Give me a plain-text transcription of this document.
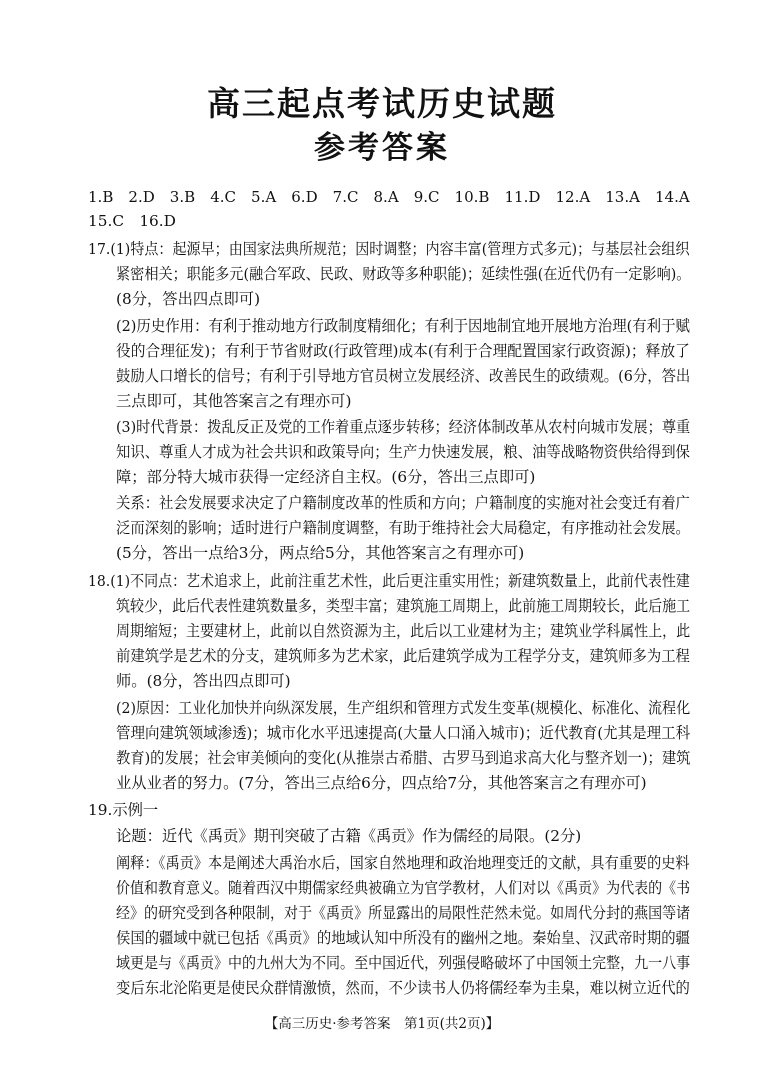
高三起点考试历史试题
参考答案
1.B　2.D　3.B　4.C　5.A　6.D　7.C　8.A　9.C　10.B　11.D　12.A　13.A　14.A
15.C　16.D
17.(1)特点：起源早；由国家法典所规范；因时调整；内容丰富(管理方式多元)；与基层社会组织
紧密相关；职能多元(融合军政、民政、财政等多种职能)；延续性强(在近代仍有一定影响)。
(8分，答出四点即可)
(2)历史作用：有利于推动地方行政制度精细化；有利于因地制宜地开展地方治理(有利于赋
役的合理征发)；有利于节省财政(行政管理)成本(有利于合理配置国家行政资源)；释放了
鼓励人口增长的信号；有利于引导地方官员树立发展经济、改善民生的政绩观。(6分，答出
三点即可，其他答案言之有理亦可)
(3)时代背景：拨乱反正及党的工作着重点逐步转移；经济体制改革从农村向城市发展；尊重
知识、尊重人才成为社会共识和政策导向；生产力快速发展，粮、油等战略物资供给得到保
障；部分特大城市获得一定经济自主权。(6分，答出三点即可)
关系：社会发展要求决定了户籍制度改革的性质和方向；户籍制度的实施对社会变迁有着广
泛而深刻的影响；适时进行户籍制度调整，有助于维持社会大局稳定，有序推动社会发展。
(5分，答出一点给3分，两点给5分，其他答案言之有理亦可)
18.(1)不同点：艺术追求上，此前注重艺术性，此后更注重实用性；新建筑数量上，此前代表性建
筑较少，此后代表性建筑数量多，类型丰富；建筑施工周期上，此前施工周期较长，此后施工
周期缩短；主要建材上，此前以自然资源为主，此后以工业建材为主；建筑业学科属性上，此
前建筑学是艺术的分支，建筑师多为艺术家，此后建筑学成为工程学分支，建筑师多为工程
师。(8分，答出四点即可)
(2)原因：工业化加快并向纵深发展，生产组织和管理方式发生变革(规模化、标准化、流程化
管理向建筑领域渗透)；城市化水平迅速提高(大量人口涌入城市)；近代教育(尤其是理工科
教育)的发展；社会审美倾向的变化(从推崇古希腊、古罗马到追求高大化与整齐划一)；建筑
业从业者的努力。(7分，答出三点给6分，四点给7分，其他答案言之有理亦可)
19.示例一
论题：近代《禹贡》期刊突破了古籍《禹贡》作为儒经的局限。(2分)
阐释：《禹贡》本是阐述大禹治水后，国家自然地理和政治地理变迁的文献，具有重要的史料
价值和教育意义。随着西汉中期儒家经典被确立为官学教材，人们对以《禹贡》为代表的《书
经》的研究受到各种限制，对于《禹贡》所显露出的局限性茫然未觉。如周代分封的燕国等诸
侯国的疆域中就已包括《禹贡》的地域认知中所没有的幽州之地。秦始皇、汉武帝时期的疆
域更是与《禹贡》中的九州大为不同。至中国近代，列强侵略破坏了中国领土完整，九一八事
变后东北沦陷更是使民众群情激愤，然而，不少读书人仍将儒经奉为圭臬，难以树立近代的
【高三历史·参考答案　第1页(共2页)】
